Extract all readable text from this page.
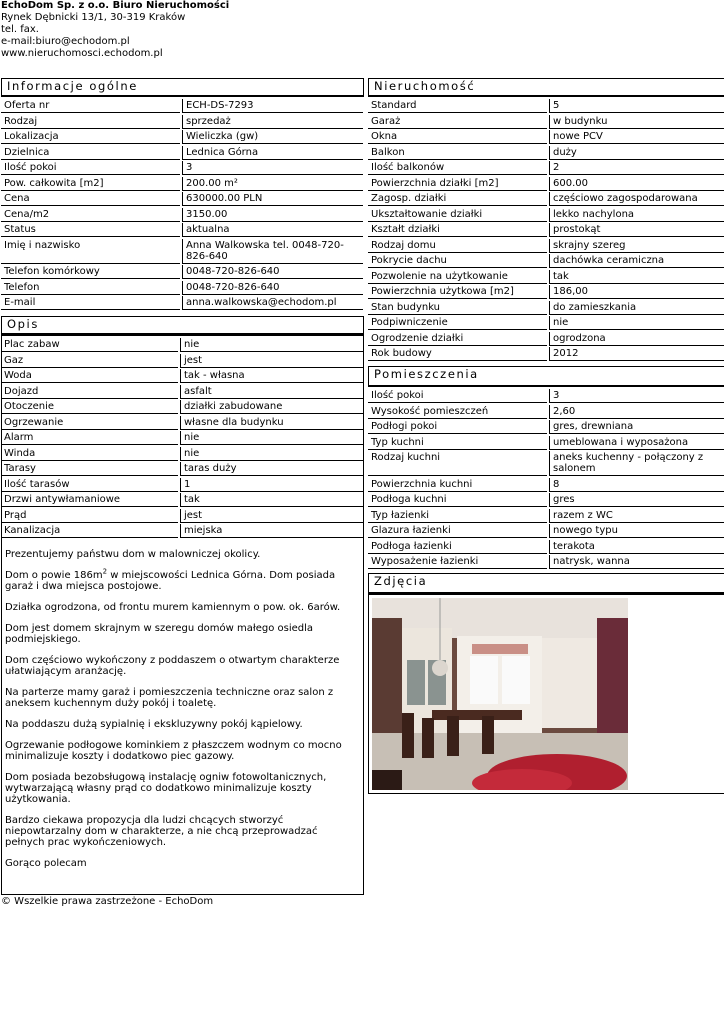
EchoDom Sp. z o.o. Biuro Nieruchomości
Rynek Dębnicki 13/1, 30-319 Kraków
tel. fax.
e-mail:biuro@echodom.pl
www.nieruchomosci.echodom.pl
Informacje ogólne
Oferta nr	ECH-DS-7293
Rodzaj	sprzedaż
Lokalizacja	Wieliczka (gw)
Dzielnica	Lednica Górna
Ilość pokoi	3
Pow. całkowita [m2]	200.00 m²
Cena	630000.00 PLN
Cena/m2	3150.00
Status	aktualna
Imię i nazwisko	Anna Walkowska tel. 0048-720-826-640
Telefon komórkowy	0048-720-826-640
Telefon	0048-720-826-640
E-mail	anna.walkowska@echodom.pl
Opis
Plac zabaw	nie
Gaz	jest
Woda	tak - własna
Dojazd	asfalt
Otoczenie	działki zabudowane
Ogrzewanie	własne dla budynku
Alarm	nie
Winda	nie
Tarasy	taras duży
Ilość tarasów	1
Drzwi antywłamaniowe	tak
Prąd	jest
Kanalizacja	miejska

Prezentujemy państwu dom w malowniczej okolicy.

Dom o powie $186m^2$ w miejscowości Lednica Górna. Dom posiada garaż i dwa miejsca postojowe.

Działka ogrodzona, od frontu murem kamiennym o pow. ok. 6arów.

Dom jest domem skrajnym w szeregu domów małego osiedla podmiejskiego.

Dom częściowo wykończony z poddaszem o otwartym charakterze ułatwiającym aranżację.

Na parterze mamy garaż i pomieszczenia techniczne oraz salon z aneksem kuchennym duży pokój i toaletę.

Na poddaszu dużą sypialnię i ekskluzywny pokój kąpielowy.

Ogrzewanie podłogowe kominkiem z płaszczem wodnym co mocno minimalizuje koszty i dodatkowo piec gazowy.

Dom posiada bezobsługową instalację ogniw fotowoltanicznych, wytwarzającą własny prąd co dodatkowo minimalizuje koszty użytkowania.

Bardzo ciekawa propozycja dla ludzi chcących stworzyć niepowtarzalny dom w charakterze, a nie chcą przeprowadzać pełnych prac wykończeniowych.

Gorąco polecam

Nieruchomość
Standard	5
Garaż	w budynku
Okna	nowe PCV
Balkon	duży
Ilość balkonów	2
Powierzchnia działki [m2]	600.00
Zagosp. działki	częściowo zagospodarowana
Ukształtowanie działki	lekko nachylona
Kształt działki	prostokąt
Rodzaj domu	skrajny szereg
Pokrycie dachu	dachówka ceramiczna
Pozwolenie na użytkowanie	tak
Powierzchnia użytkowa [m2]	186,00
Stan budynku	do zamieszkania
Podpiwniczenie	nie
Ogrodzenie działki	ogrodzona
Rok budowy	2012
Pomieszczenia
Ilość pokoi	3
Wysokość pomieszczeń	2,60
Podłogi pokoi	gres, drewniana
Typ kuchni	umeblowana i wyposażona
Rodzaj kuchni	aneks kuchenny - połączony z salonem
Powierzchnia kuchni	8
Podłoga kuchni	gres
Typ łazienki	razem z WC
Glazura łazienki	nowego typu
Podłoga łazienki	terakota
Wyposażenie łazienki	natrysk, wanna
Zdjęcia
© Wszelkie prawa zastrzeżone - EchoDom
